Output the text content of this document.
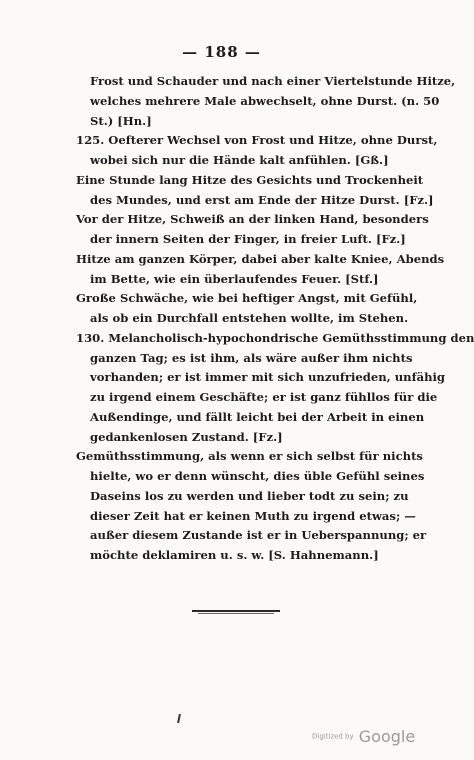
— 188 —
Frost und Schauder und nach einer Viertelstunde Hitze,
welches mehrere Male abwechselt, ohne Durst. (n. 50
St.) [Hn.]
125. Oefterer Wechsel von Frost und Hitze, ohne Durst,
wobei sich nur die Hände kalt anfühlen. [Gß.]
Eine Stunde lang Hitze des Gesichts und Trockenheit
des Mundes, und erst am Ende der Hitze Durst. [Fz.]
Vor der Hitze, Schweiß an der linken Hand, besonders
der innern Seiten der Finger, in freier Luft. [Fz.]
Hitze am ganzen Körper, dabei aber kalte Kniee, Abends
im Bette, wie ein überlaufendes Feuer. [Stf.]
Große Schwäche, wie bei heftiger Angst, mit Gefühl,
als ob ein Durchfall entstehen wollte, im Stehen.
130. Melancholisch-hypochondrische Gemüthsstimmung den
ganzen Tag; es ist ihm, als wäre außer ihm nichts
vorhanden; er ist immer mit sich unzufrieden, unfähig
zu irgend einem Geschäfte; er ist ganz fühllos für die
Außendinge, und fällt leicht bei der Arbeit in einen
gedankenlosen Zustand. [Fz.]
Gemüthsstimmung, als wenn er sich selbst für nichts
hielte, wo er denn wünscht, dies üble Gefühl seines
Daseins los zu werden und lieber todt zu sein; zu
dieser Zeit hat er keinen Muth zu irgend etwas; —
außer diesem Zustande ist er in Ueberspannung; er
möchte deklamiren u. s. w. [S. Hahnemann.]
Digitized by Google
